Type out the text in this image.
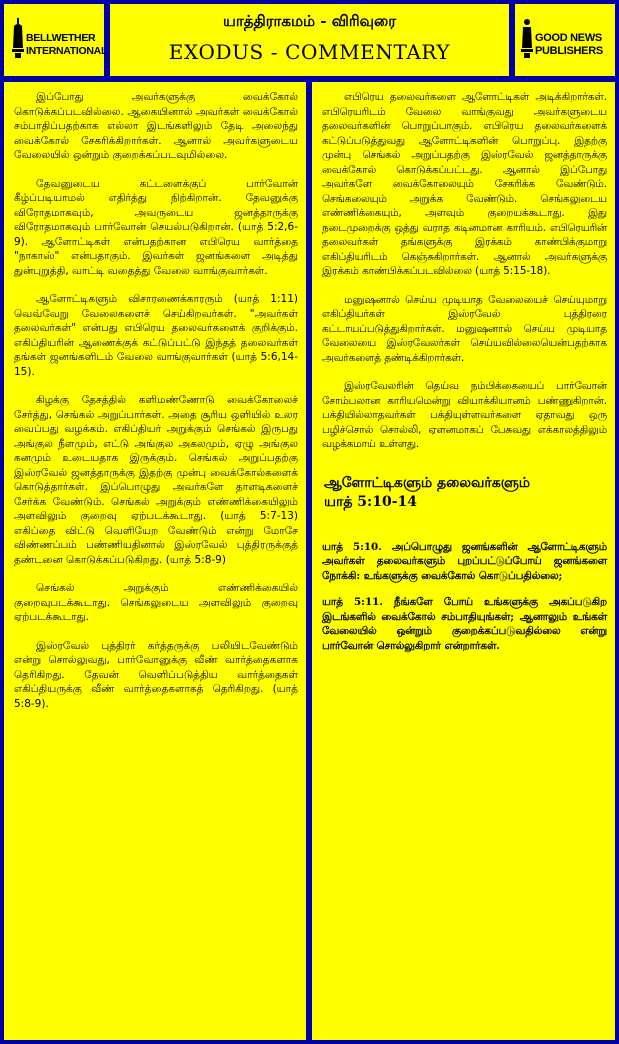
BELLWETHER
INTERNATIONAL
யாத்திராகமம் - விரிவுரை
EXODUS - COMMENTARY
GOOD NEWS
PUBLISHERS

இப்போது அவர்களுக்கு வைக்கோல் கொடுக்கப்படவில்லை. ஆகையினால் அவர்கள் வைக்கோல் சம்பாதிப்பதற்காக எல்லா இடங்களிலும் தேடி அலைந்து வைக்கோல் சேகரிக்கிறார்கள். ஆனால் அவர்களுடைய வேலையில் ஒன்றும் குறைக்கப்படவுமில்லை.

தேவனுடைய கட்டளைக்குப் பார்வோன் கீழ்ப்படியாமல் எதிர்த்து நிற்கிறான். தேவனுக்கு விரோதமாகவும், அவருடைய ஜனத்தாருக்கு விரோதமாகவும் பார்வோன் செயல்படுகிறான். (யாத் 5:2,6-9). ஆளோட்டிகள் என்பதற்கான எபிரெய வார்த்தை "நாகாஸ்" என்பதாகும். இவர்கள் ஜனங்களை அடித்து துன்புறுத்தி, வாட்டி வதைத்து வேலை வாங்குவார்கள்.

ஆளோட்டிகளும் விசாரணைக்காரரும் (யாத் 1:11) வெவ்வேறு வேலைகளைச் செய்கிறவர்கள். "அவர்கள் தலைவர்கள்" என்பது எபிரெய தலைவர்களைக் குறிக்கும். எகிப்தியரின் ஆணைக்குக் கட்டுப்பட்டு இந்தத் தலைவர்கள் தங்கள் ஜனங்களிடம் வேலை வாங்குவார்கள் (யாத் 5:6,14-15).

கிழக்கு தேசத்தில் களிமண்ணோடு வைக்கோலைச் சேர்த்து, செங்கல் அறுப்பார்கள். அதை சூரிய ஒளியில் உலர வைப்பது வழக்கம். எகிப்தியர் அறுக்கும் செங்கல் இருபது அங்குல நீளமும், எட்டு அங்குல அகலமும், ஏழு அங்குல கனமும் உடையதாக இருக்கும். செங்கல் அறுப்பதற்கு இஸ்ரவேல் ஜனத்தாருக்கு இதற்கு முன்பு வைக்கோல்களைக் கொடுத்தார்கள். இப்பொழுது அவர்களே தாளடிகளைச் சேர்க்க வேண்டும். செங்கல் அறுக்கும் எண்ணிக்கையிலும் அளவிலும் குறைவு ஏற்படக்கூடாது. (யாத் 5:7-13) எகிப்தை விட்டு வெளியேற வேண்டும் என்று மோசே விண்ணப்பம் பண்ணியதினால் இஸ்ரவேல் புத்திரருக்குத் தண்டனை கொடுக்கப்படுகிறது. (யாத் 5:8-9)

செங்கல் அறுக்கும் எண்ணிக்கையில் குறைவுபடக்கூடாது. செங்கலுடைய அளவிலும் குறைவு ஏற்படக்கூடாது.

இஸ்ரவேல் புத்திரர் கர்த்தருக்கு பலியிடவேண்டும் என்று சொல்லுவது, பார்வோனுக்கு வீண் வார்த்தைகளாக தெரிகிறது. தேவன் வெளிப்படுத்திய வார்த்தைகள் எகிப்தியருக்கு வீண் வார்த்தைகளாகத் தெரிகிறது. (யாத் 5:8-9).

எபிரெய தலைவர்களை ஆளோட்டிகள் அடிக்கிறார்கள். எபிரெயரிடம் வேலை வாங்குவது அவர்களுடைய தலைவர்களின் பொறுப்பாகும். எபிரெய தலைவர்களைக் கட்டுப்படுத்துவது ஆளோட்டிகளின் பொறுப்பு. இதற்கு முன்பு செங்கல் அறுப்பதற்கு இஸ்ரவேல் ஜனத்தாருக்கு வைக்கோல் கொடுக்கப்பட்டது. ஆனால் இப்போது அவர்களே வைக்கோலையும் சேகரிக்க வேண்டும். செங்கலையும் அறுக்க வேண்டும். செங்கலுடைய எண்ணிக்கையும், அளவும் குறையக்கூடாது. இது நடைமுறைக்கு ஒத்து வராத கடினமான காரியம். எபிரெயரின் தலைவர்கள் தங்களுக்கு இரக்கம் காண்பிக்குமாறு எகிப்தியரிடம் கெஞ்சுகிறார்கள். ஆனால் அவர்களுக்கு இரக்கம் காண்பிக்கப்படவில்லை (யாத் 5:15-18).

மனுஷனால் செய்ய முடியாத வேலையைச் செய்யுமாறு எகிப்தியர்கள் இஸ்ரவேல் புத்திரரை கட்டாயப்படுத்துகிறார்கள். மனுஷனால் செய்ய முடியாத வேலையை இஸ்ரவேலர்கள் செய்யவில்லையென்பதற்காக அவர்களைத் தண்டிக்கிறார்கள்.

இஸ்ரவேலரின் தெய்வ நம்பிக்கையைப் பார்வோன் சோம்பலான காரியமென்று வியாக்கியானம் பண்ணுகிறான். பக்தியில்லாதவர்கள் பக்தியுள்ளவர்களை ஏதாவது ஒரு பழிச்சொல் சொல்லி, ஏளனமாகப் பேசுவது எக்காலத்திலும் வழக்கமாய் உள்ளது.

ஆளோட்டிகளும் தலைவர்களும்
யாத் 5:10-14

யாத் 5:10. அப்பொழுது ஜனங்களின் ஆளோட்டிகளும் அவர்கள் தலைவர்களும் புறப்பட்டுப்போய் ஜனங்களை நோக்கி: உங்களுக்கு வைக்கோல் கொடுப்பதில்லை;

யாத் 5:11. நீங்களே போய் உங்களுக்கு அகப்படுகிற இடங்களில் வைக்கோல் சம்பாதியுங்கள்; ஆனாலும் உங்கள் வேலையில் ஒன்றும் குறைக்கப்படுவதில்லை என்று பார்வோன் சொல்லுகிறார் என்றார்கள்.
